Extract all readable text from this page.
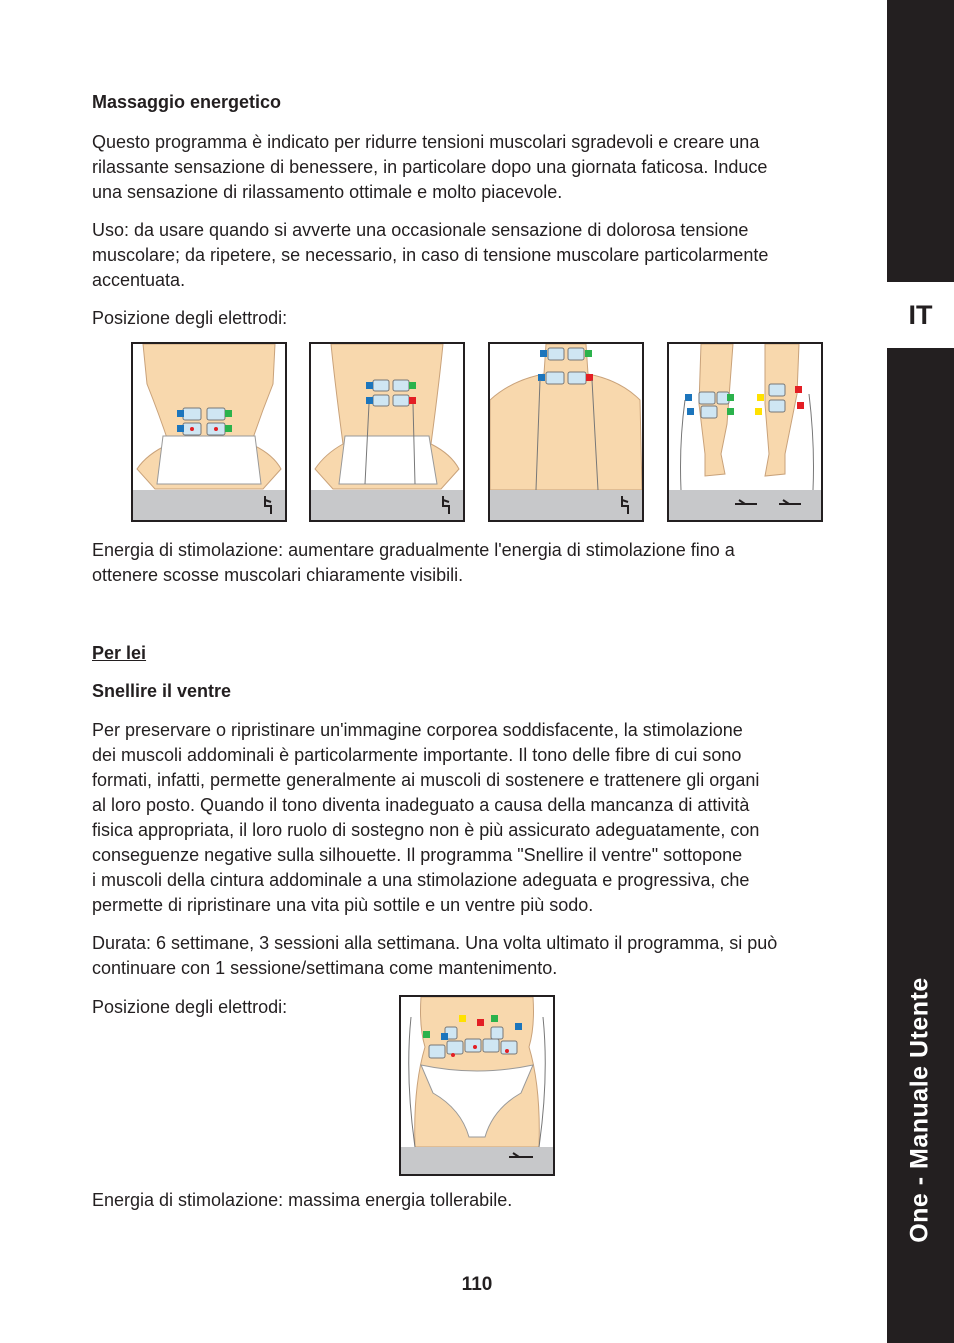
IT
One - Manuale Utente
Massaggio energetico

Questo programma è indicato per ridurre tensioni muscolari sgradevoli e creare una
rilassante sensazione di benessere, in particolare dopo una giornata faticosa. Induce
una sensazione di rilassamento ottimale e molto piacevole.

Uso: da usare quando si avverte una occasionale sensazione di dolorosa tensione
muscolare; da ripetere, se necessario, in caso di tensione muscolare particolarmente
accentuata.

Posizione degli elettrodi:

Energia di stimolazione: aumentare gradualmente l'energia di stimolazione fino a
ottenere scosse muscolari chiaramente visibili.

Per lei
Snellire il ventre

Per preservare o ripristinare un'immagine corporea soddisfacente, la stimolazione
dei muscoli addominali è particolarmente importante. Il tono delle fibre di cui sono
formati, infatti, permette generalmente ai muscoli di sostenere e trattenere gli organi
al loro posto. Quando il tono diventa inadeguato a causa della mancanza di attività
fisica appropriata, il loro ruolo di sostegno non è più assicurato adeguatamente, con
conseguenze negative sulla silhouette. Il programma "Snellire il ventre" sottopone
i muscoli della cintura addominale a una stimolazione adeguata e progressiva, che
permette di ripristinare una vita più sottile e un ventre più sodo.

Durata: 6 settimane, 3 sessioni alla settimana. Una volta ultimato il programma, si può
continuare con 1 sessione/settimana come mantenimento.

Posizione degli elettrodi:

Energia di stimolazione: massima energia tollerabile.

110
